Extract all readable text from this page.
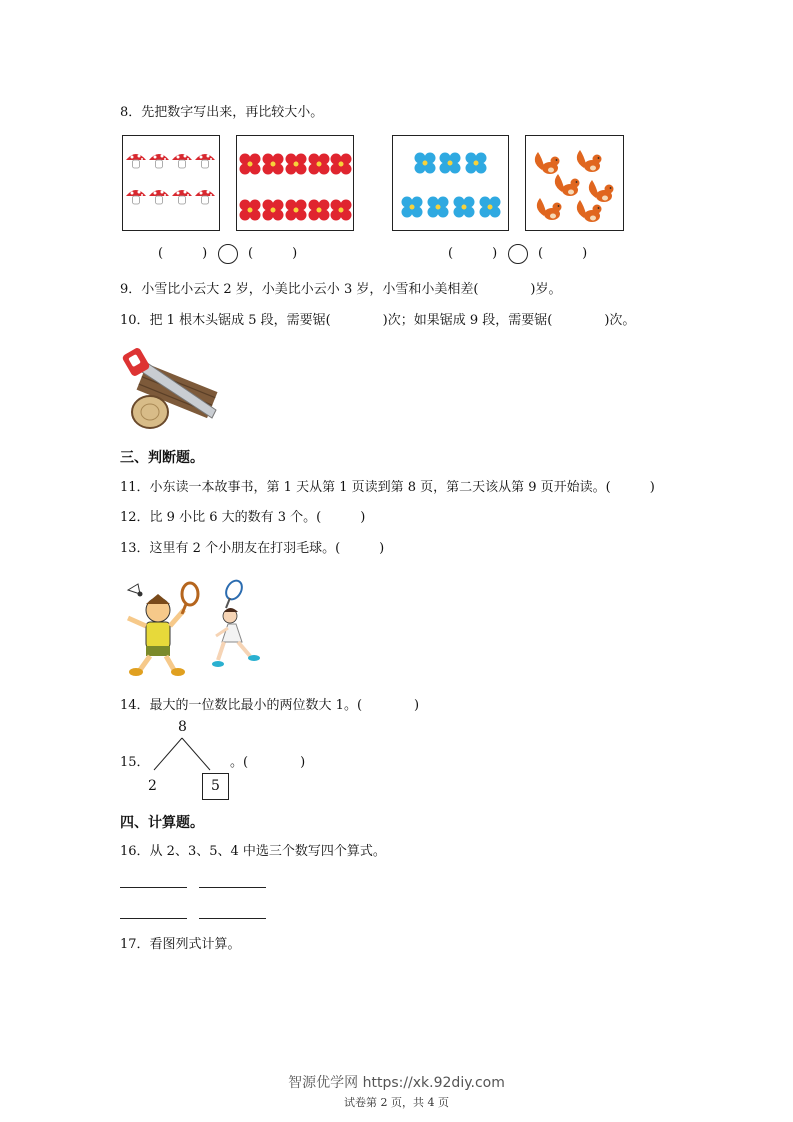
8．先把数字写出来，再比较大小。
(   )	(   )	(   )	(   )
9．小雪比小云大 2 岁，小美比小云小 3 岁，小雪和小美相差(    )岁。
10．把 1 根木头锯成 5 段，需要锯(    )次；如果锯成 9 段，需要锯(    )次。
三、判断题。
11．小东读一本故事书，第 1 天从第 1 页读到第 8 页，第二天该从第 9 页开始读。(   )
12．比 9 小比 6 大的数有 3 个。(   )
13．这里有 2 个小朋友在打羽毛球。(   )
14．最大的一位数比最小的两位数大 1。(    )
15．
8
2	5
。(    )
四、计算题。
16．从 2、3、5、4 中选三个数写四个算式。
17．看图列式计算。
智源优学网 https://xk.92diy.com
试卷第 2 页，共 4 页
